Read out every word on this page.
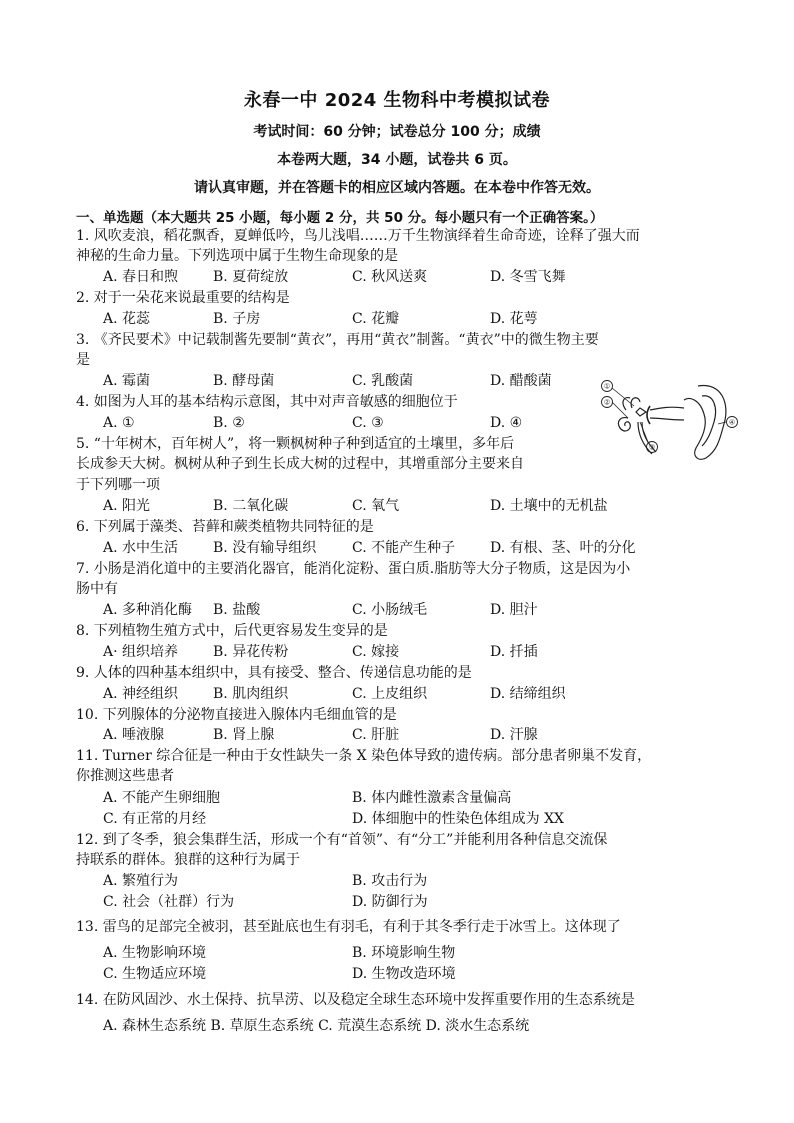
永春一中 2024 生物科中考模拟试卷
考试时间：60 分钟；试卷总分 100 分；成绩
本卷两大题，34 小题，试卷共 6 页。
请认真审题，并在答题卡的相应区域内答题。在本卷中作答无效。
一、单选题（本大题共 25 小题，每小题 2 分，共 50 分。每小题只有一个正确答案。）
1. 风吹麦浪，稻花飘香，夏蝉低吟，鸟儿浅唱……万千生物演绎着生命奇迹，诠释了强大而
神秘的生命力量。下列选项中属于生物生命现象的是
A. 春日和煦 B. 夏荷绽放	C. 秋风送爽	D. 冬雪飞舞
2. 对于一朵花来说最重要的结构是
A. 花蕊	B. 子房	C. 花瓣	D. 花萼
3. 《齐民要术》中记载制酱先要制“黄衣”，再用“黄衣”制酱。“黄衣”中的微生物主要
是
A. 霉菌	B. 酵母菌	C. 乳酸菌	D. 醋酸菌
4. 如图为人耳的基本结构示意图，其中对声音敏感的细胞位于
A. ①	B. ②	C. ③	D. ④
①
②
③
④
5. “十年树木，百年树人”，将一颗枫树种子种到适宜的土壤里，多年后
长成参天大树。枫树从种子到生长成大树的过程中，其增重部分主要来自
于下列哪一项
A. 阳光	B. 二氧化碳	C. 氧气	D. 土壤中的无机盐
6. 下列属于藻类、苔藓和蕨类植物共同特征的是
A. 水中生活 B. 没有输导组织	C. 不能产生种子 D. 有根、茎、叶的分化
7. 小肠是消化道中的主要消化器官，能消化淀粉、蛋白质.脂肪等大分子物质，这是因为小
肠中有
A. 多种消化酶 B. 盐酸	C. 小肠绒毛	D. 胆汁
8. 下列植物生殖方式中，后代更容易发生变异的是
A· 组织培养 B. 异花传粉	C. 嫁接	D. 扦插
9. 人体的四种基本组织中，具有接受、整合、传递信息功能的是
A. 神经组织 B. 肌肉组织	C. 上皮组织	D. 结缔组织
10. 下列腺体的分泌物直接进入腺体内毛细血管的是
A. 唾液腺	B. 肾上腺	C. 肝脏	D. 汗腺
11. Turner 综合征是一种由于女性缺失一条 X 染色体导致的遗传病。部分患者卵巢不发育，
你推测这些患者
A. 不能产生卵细胞	B. 体内雌性激素含量偏高
C. 有正常的月经	D. 体细胞中的性染色体组成为 XX
12. 到了冬季，狼会集群生活，形成一个有“首领”、有“分工”并能利用各种信息交流保
持联系的群体。狼群的这种行为属于
A. 繁殖行为	B. 攻击行为
C. 社会（社群）行为	D. 防御行为
13. 雷鸟的足部完全被羽，甚至趾底也生有羽毛，有利于其冬季行走于冰雪上。这体现了
A. 生物影响环境	B. 环境影响生物
C. 生物适应环境	D. 生物改造环境
14. 在防风固沙、水土保持、抗旱涝、以及稳定全球生态环境中发挥重要作用的生态系统是
A. 森林生态系统 B. 草原生态系统 C. 荒漠生态系统 D. 淡水生态系统
